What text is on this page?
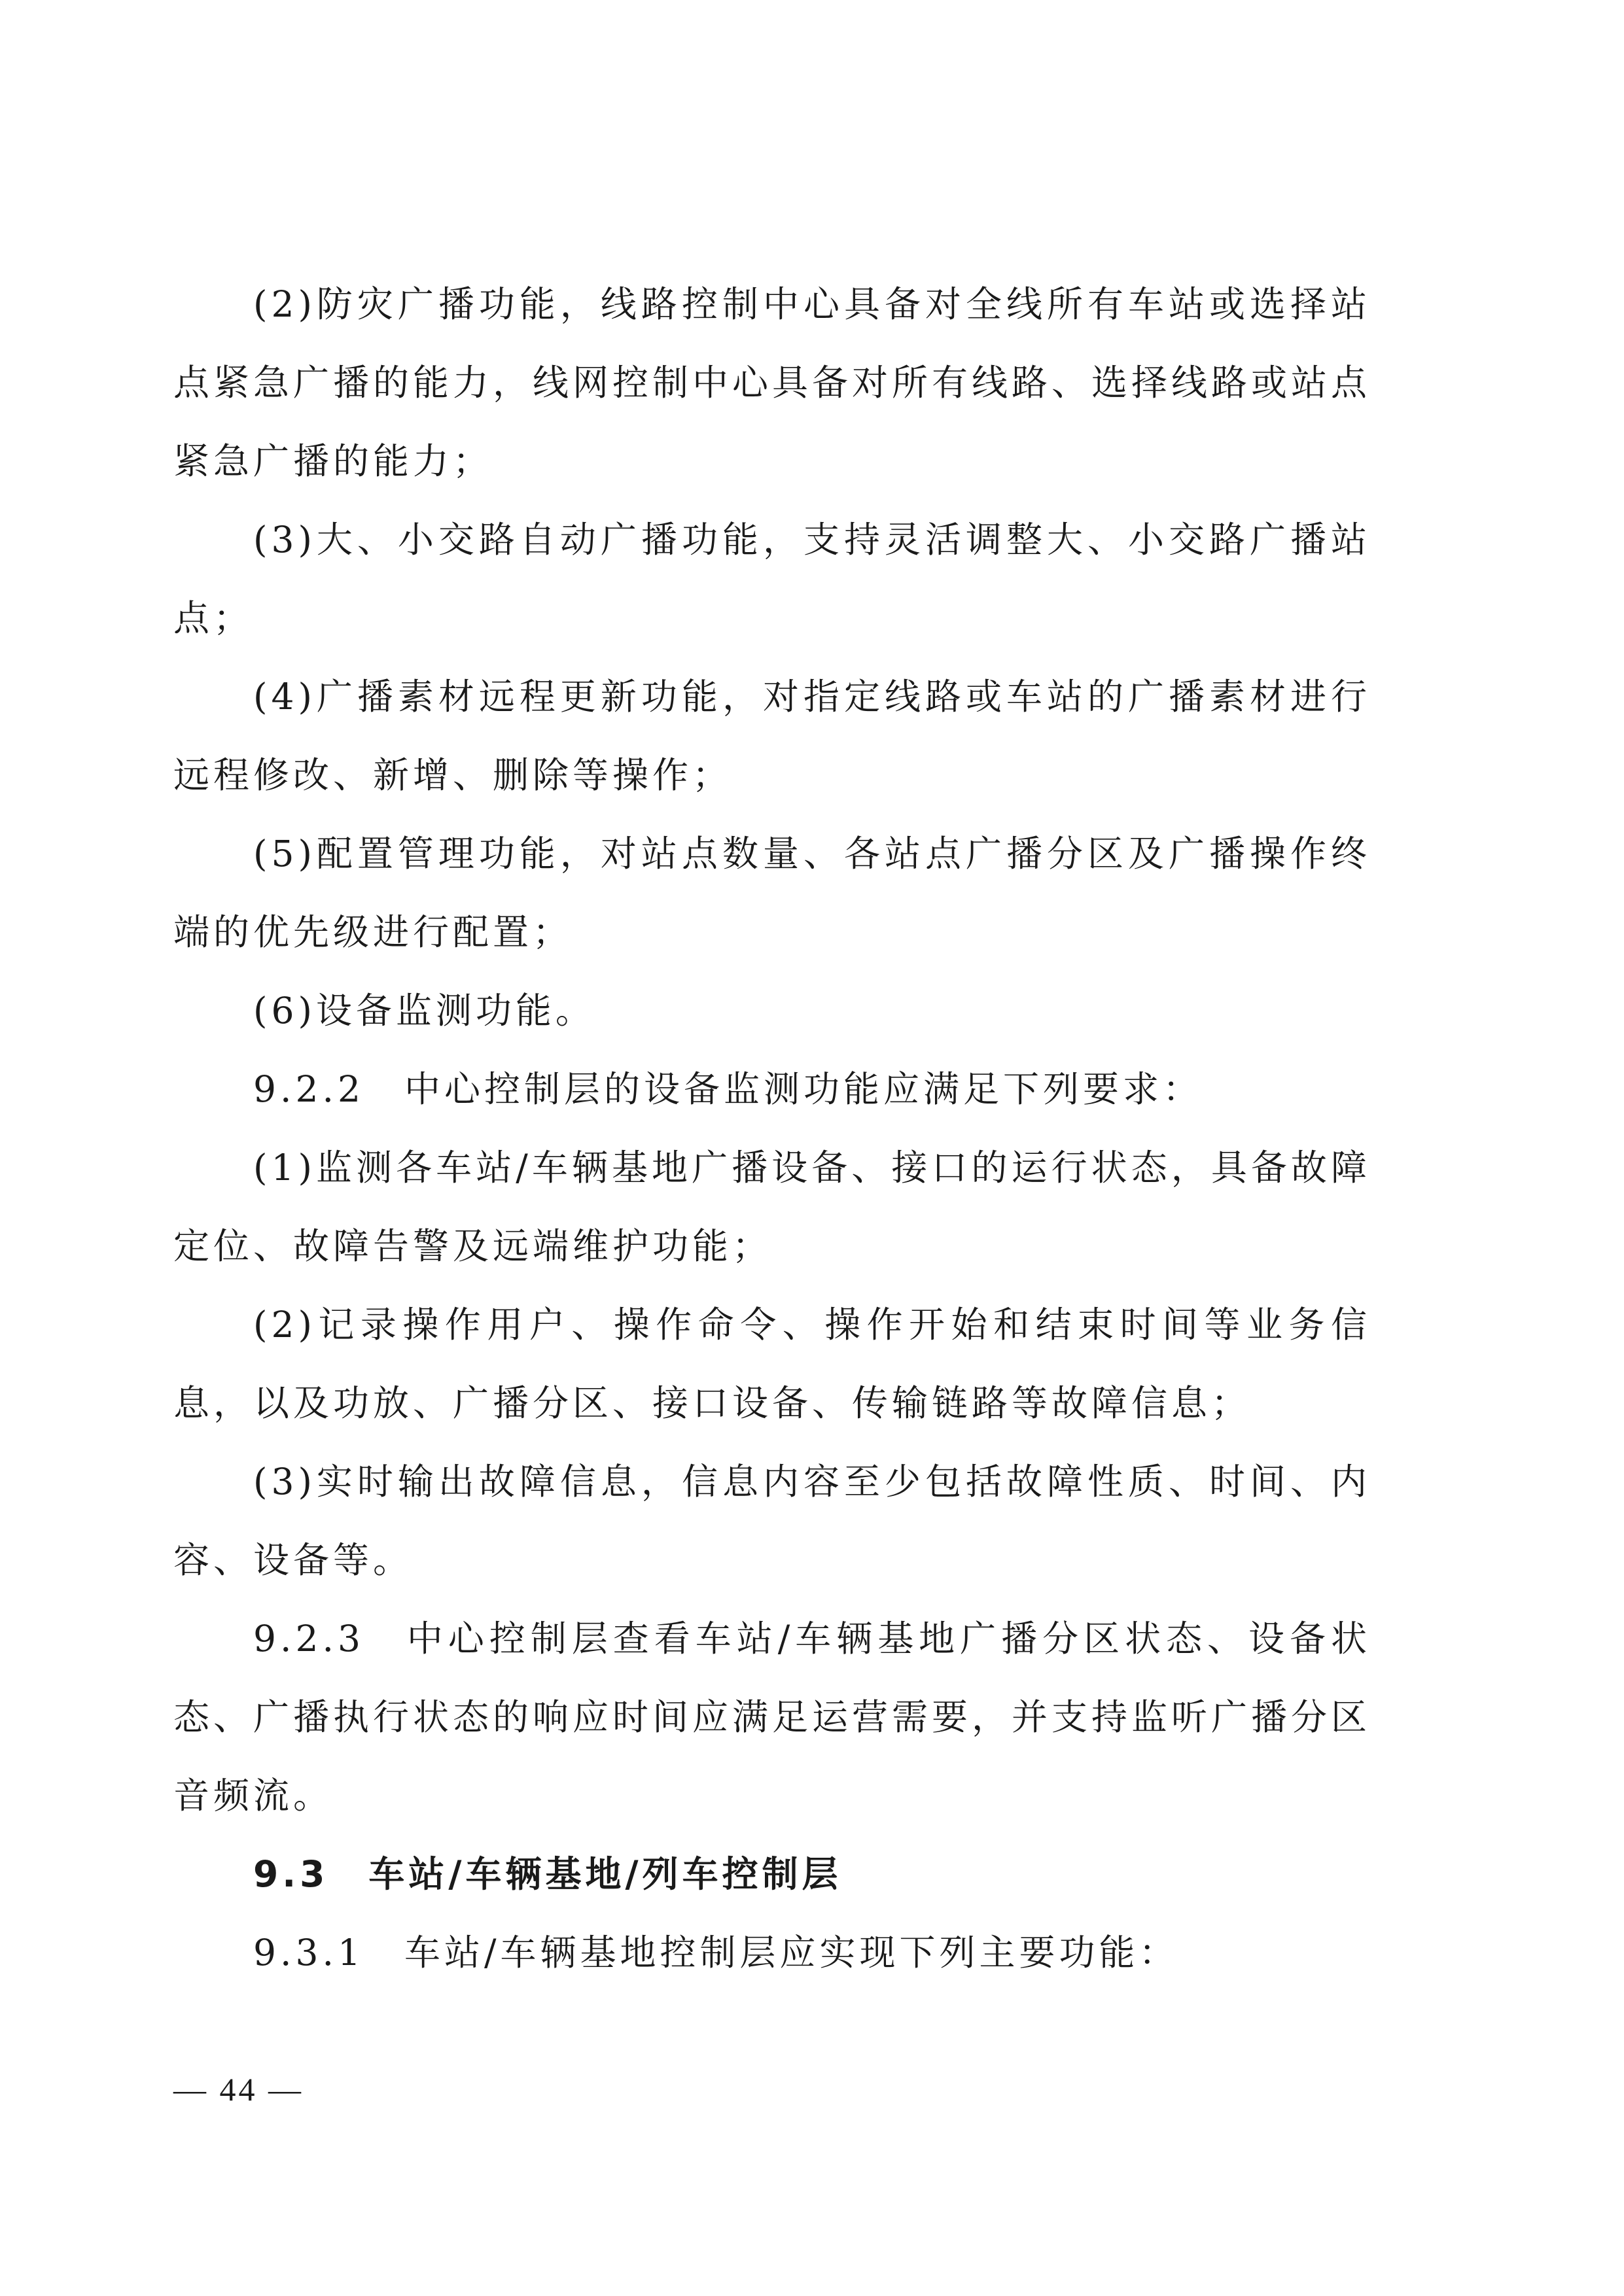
(2)防灾广播功能，线路控制中心具备对全线所有车站或选择站点紧急广播的能力，线网控制中心具备对所有线路、选择线路或站点紧急广播的能力；

(3)大、小交路自动广播功能，支持灵活调整大、小交路广播站点；

(4)广播素材远程更新功能，对指定线路或车站的广播素材进行远程修改、新增、删除等操作；

(5)配置管理功能，对站点数量、各站点广播分区及广播操作终端的优先级进行配置；

(6)设备监测功能。

9.2.2　中心控制层的设备监测功能应满足下列要求：

(1)监测各车站/车辆基地广播设备、接口的运行状态，具备故障定位、故障告警及远端维护功能；

(2)记录操作用户、操作命令、操作开始和结束时间等业务信息，以及功放、广播分区、接口设备、传输链路等故障信息；

(3)实时输出故障信息，信息内容至少包括故障性质、时间、内容、设备等。

9.2.3　中心控制层查看车站/车辆基地广播分区状态、设备状态、广播执行状态的响应时间应满足运营需要，并支持监听广播分区音频流。

9.3　车站/车辆基地/列车控制层

9.3.1　车站/车辆基地控制层应实现下列主要功能：

— 44 —
